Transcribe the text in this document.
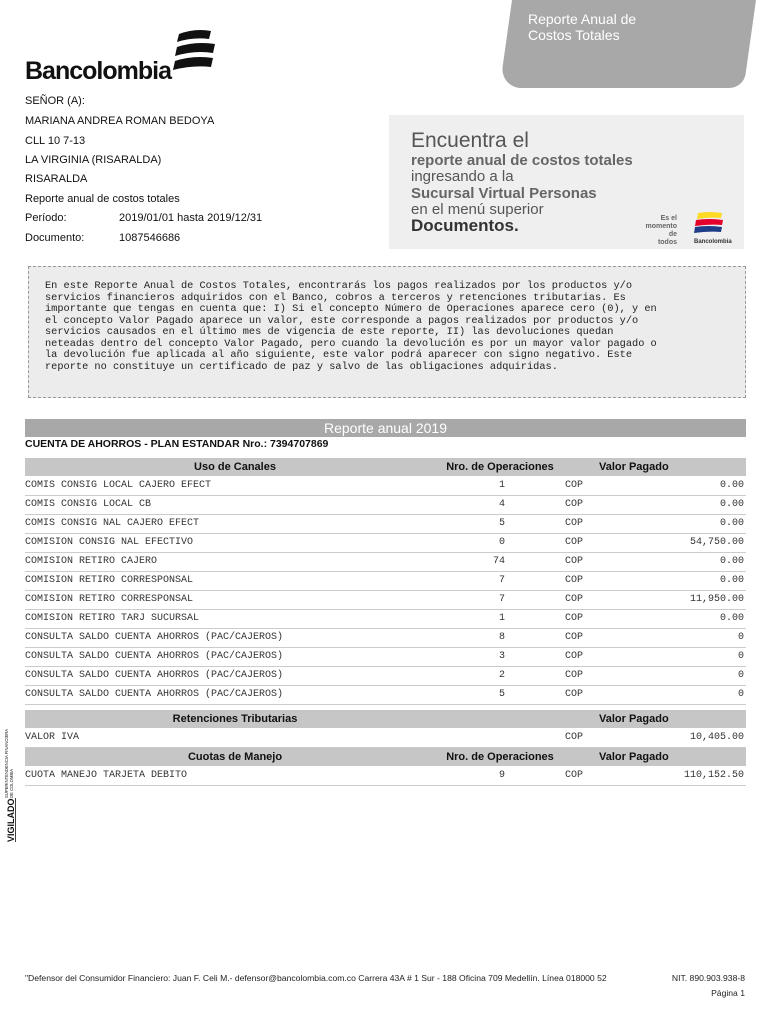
Reporte Anual de
Costos Totales
Bancolombia
SEÑOR (A):
MARIANA ANDREA ROMAN BEDOYA
CLL 10 7-13
LA VIRGINIA (RISARALDA)
RISARALDA
Reporte anual de costos totales
Período:	2019/01/01 hasta 2019/12/31
Documento:	1087546686
Encuentra el
reporte anual de costos totales
ingresando a la
Sucursal Virtual Personas
en el menú superior
Documentos.	Es el
momento
de
todos	Bancolombia

En este Reporte Anual de Costos Totales, encontrarás los pagos realizados por los productos y/o
servicios financieros adquiridos con el Banco, cobros a terceros y retenciones tributarias. Es
importante que tengas en cuenta que: I) Si el concepto Número de Operaciones aparece cero (0), y en
el concepto Valor Pagado aparece un valor, este corresponde a pagos realizados por productos y/o
servicios causados en el último mes de vigencia de este reporte, II) las devoluciones quedan
neteadas dentro del concepto Valor Pagado, pero cuando la devolución es por un mayor valor pagado o
la devolución fue aplicada al año siguiente, este valor podrá aparecer con signo negativo. Este
reporte no constituye un certificado de paz y salvo de las obligaciones adquiridas.

Reporte anual 2019
CUENTA DE AHORROS - PLAN ESTANDAR Nro.: 7394707869
Uso de Canales	Nro. de Operaciones	Valor Pagado
COMIS CONSIG LOCAL CAJERO EFECT	1	COP	0.00
COMIS CONSIG LOCAL CB	4	COP	0.00
COMIS CONSIG NAL CAJERO EFECT	5	COP	0.00
COMISION CONSIG NAL EFECTIVO	0	COP	54,750.00
COMISION RETIRO CAJERO	74	COP	0.00
COMISION RETIRO CORRESPONSAL	7	COP	0.00
COMISION RETIRO CORRESPONSAL	7	COP	11,950.00
COMISION RETIRO TARJ SUCURSAL	1	COP	0.00
CONSULTA SALDO CUENTA AHORROS (PAC/CAJEROS)	8	COP	0
CONSULTA SALDO CUENTA AHORROS (PAC/CAJEROS)	3	COP	0
CONSULTA SALDO CUENTA AHORROS (PAC/CAJEROS)	2	COP	0
CONSULTA SALDO CUENTA AHORROS (PAC/CAJEROS)	5	COP	0
Retenciones Tributarias	Valor Pagado
VALOR IVA	COP	10,405.00
Cuotas de Manejo	Nro. de Operaciones	Valor Pagado
CUOTA MANEJO TARJETA DEBITO	9	COP	110,152.50
VIGILADO
SUPERINTENDENCIA FINANCIERA DE COLOMBIA
"Defensor del Consumidor Financiero: Juan F. Celi M.- defensor@bancolombia.com.co Carrera 43A # 1 Sur - 188 Oficina 709 Medellín. Línea 018000 52	NIT. 890.903.938-8
Página 1
